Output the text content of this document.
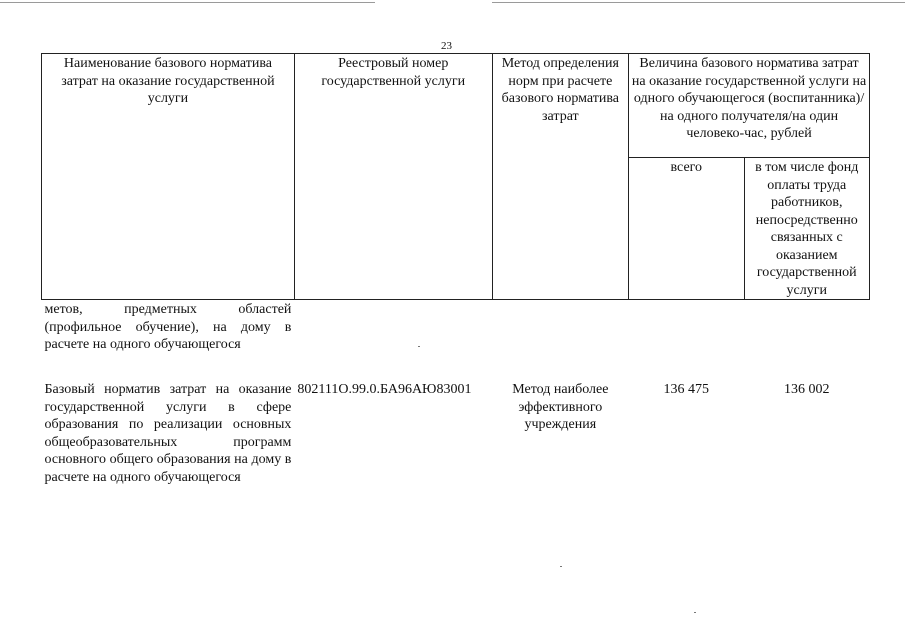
23
Наименование базового норматива затрат на оказание государственной услуги	Реестровый номер государственной услуги	Метод определения норм при расчете базового норматива затрат	Величина базового норматива затрат на оказание государственной услуги на одного обучающегося (воспитанника)/на одного получателя/на один человеко-час, рублей	
			всего	в том числе фонд оплаты труда работников, непосредственно связанных с оказанием государственной услуги
метов, предметных областей (профильное обучение), на дому в расчете на одного обучающегося				
Базовый норматив затрат на оказание государственной услуги в сфере образования по реализации основных общеобразовательных программ основного общего образования на дому в расчете на одного обучающегося	802111О.99.0.БА96АЮ83001	Метод наиболее эффективного учреждения	136 475	136 002
